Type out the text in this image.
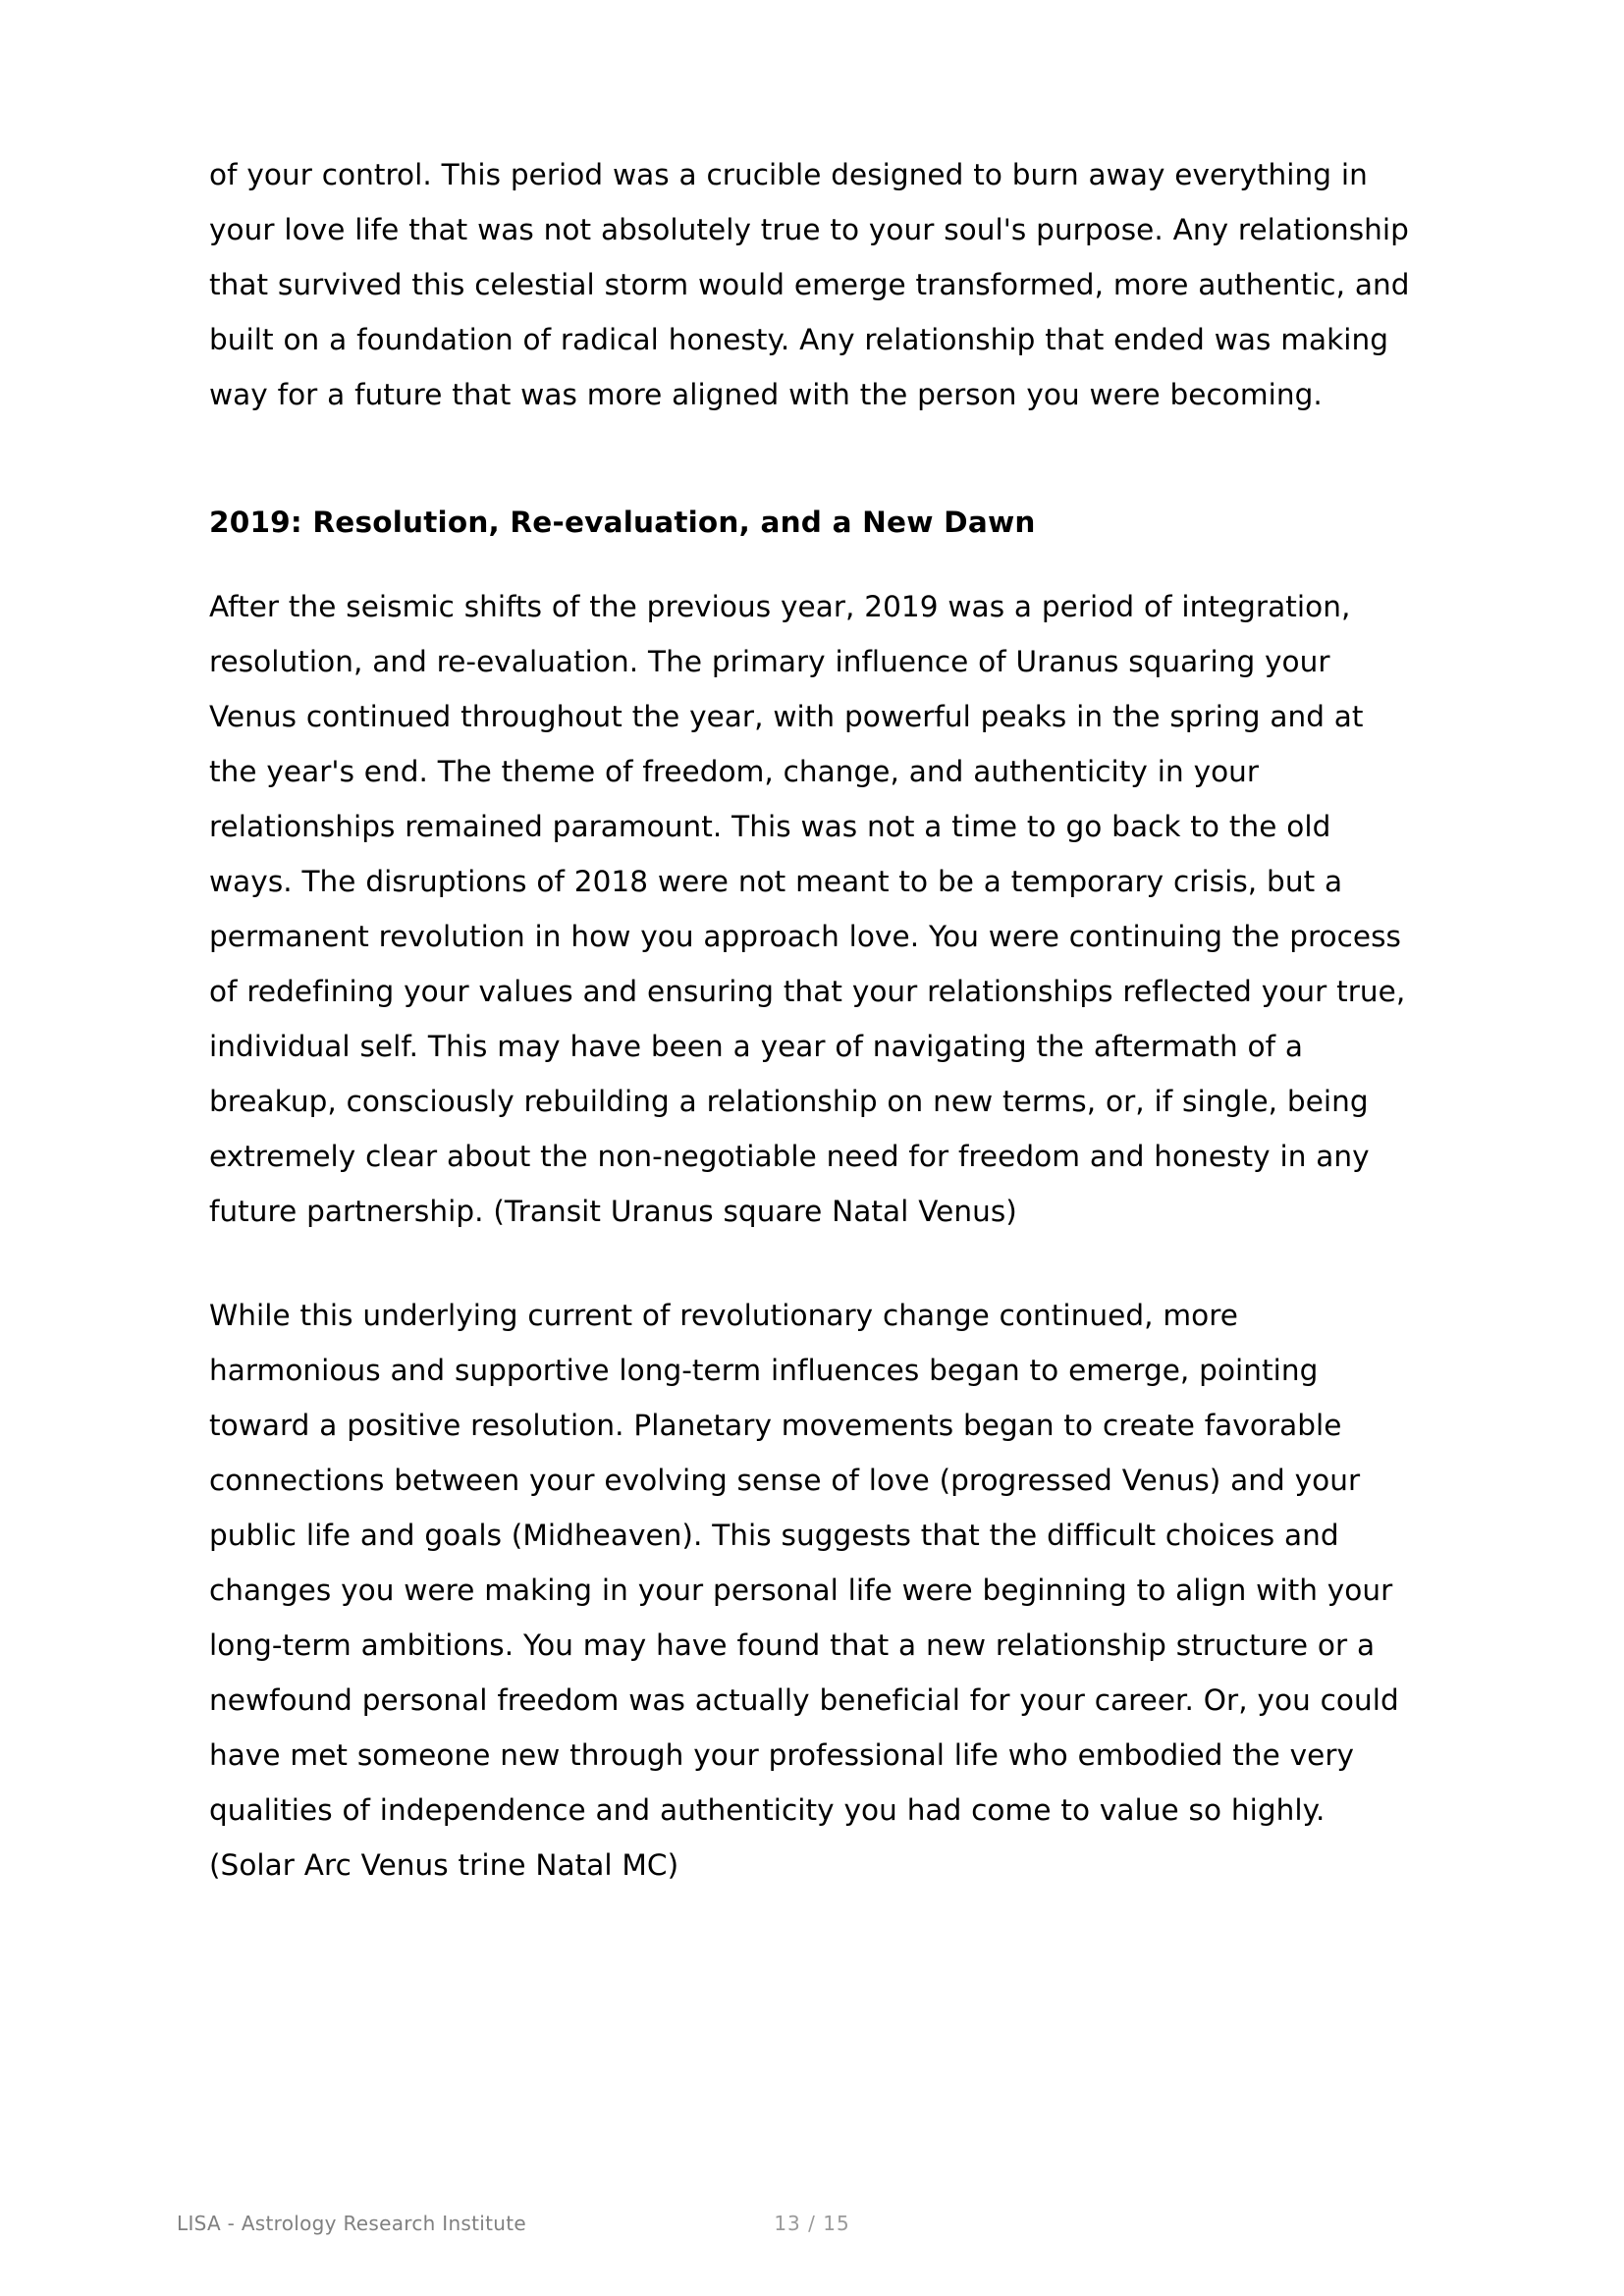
of your control. This period was a crucible designed to burn away everything in your love life that was not absolutely true to your soul's purpose. Any relationship that survived this celestial storm would emerge transformed, more authentic, and built on a foundation of radical honesty. Any relationship that ended was making way for a future that was more aligned with the person you were becoming.

2019: Resolution, Re-evaluation, and a New Dawn

After the seismic shifts of the previous year, 2019 was a period of integration, resolution, and re-evaluation. The primary influence of Uranus squaring your Venus continued throughout the year, with powerful peaks in the spring and at the year's end. The theme of freedom, change, and authenticity in your relationships remained paramount. This was not a time to go back to the old ways. The disruptions of 2018 were not meant to be a temporary crisis, but a permanent revolution in how you approach love. You were continuing the process of redefining your values and ensuring that your relationships reflected your true, individual self. This may have been a year of navigating the aftermath of a breakup, consciously rebuilding a relationship on new terms, or, if single, being extremely clear about the non-negotiable need for freedom and honesty in any future partnership. (Transit Uranus square Natal Venus)

While this underlying current of revolutionary change continued, more harmonious and supportive long-term influences began to emerge, pointing toward a positive resolution. Planetary movements began to create favorable connections between your evolving sense of love (progressed Venus) and your public life and goals (Midheaven). This suggests that the difficult choices and changes you were making in your personal life were beginning to align with your long-term ambitions. You may have found that a new relationship structure or a newfound personal freedom was actually beneficial for your career. Or, you could have met someone new through your professional life who embodied the very qualities of independence and authenticity you had come to value so highly. (Solar Arc Venus trine Natal MC)

LISA - Astrology Research Institute	13 / 15
